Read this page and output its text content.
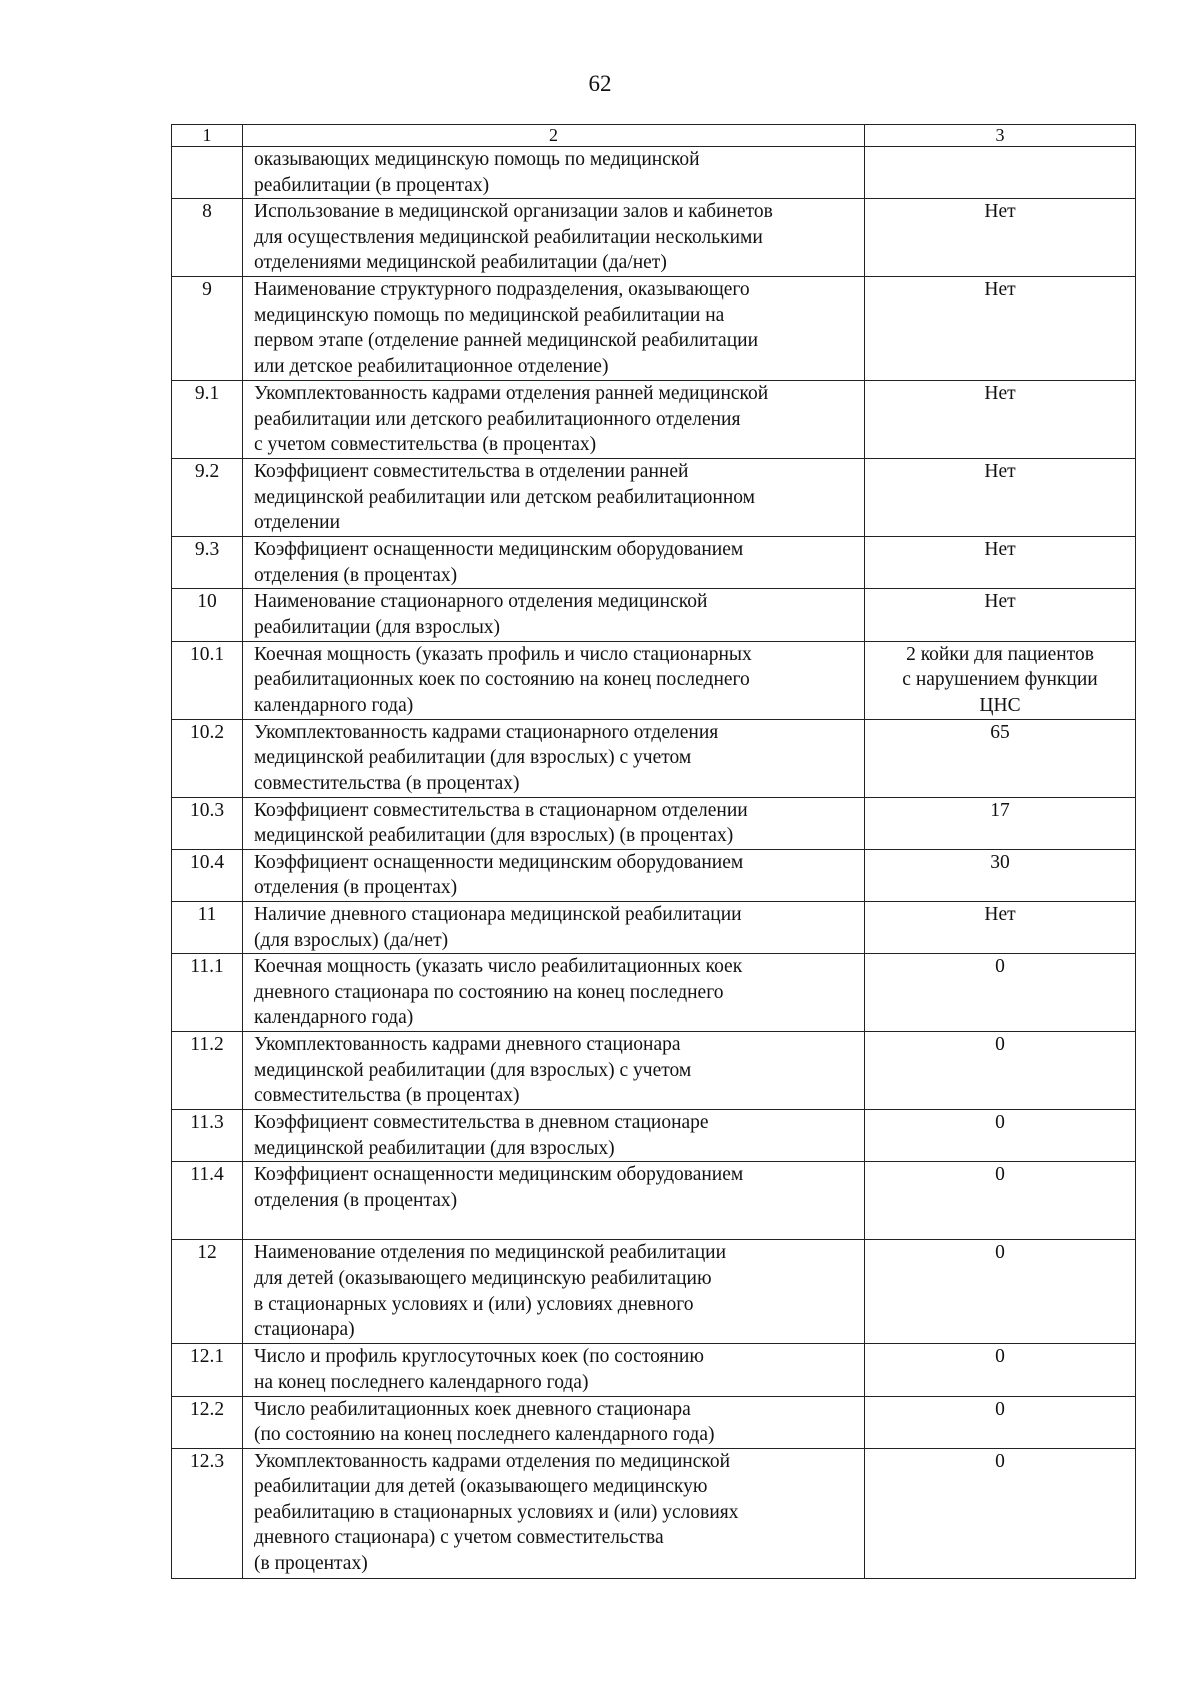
62
1	2	3
	оказывающих медицинскую помощь по медицинской
реабилитации (в процентах)	
8	Использование в медицинской организации залов и кабинетов
для осуществления медицинской реабилитации несколькими
отделениями медицинской реабилитации (да/нет)	Нет
9	Наименование структурного подразделения, оказывающего
медицинскую помощь по медицинской реабилитации на
первом этапе (отделение ранней медицинской реабилитации
или детское реабилитационное отделение)	Нет
9.1	Укомплектованность кадрами отделения ранней медицинской
реабилитации или детского реабилитационного отделения
с учетом совместительства (в процентах)	Нет
9.2	Коэффициент совместительства в отделении ранней
медицинской реабилитации или детском реабилитационном
отделении	Нет
9.3	Коэффициент оснащенности медицинским оборудованием
отделения (в процентах)	Нет
10	Наименование стационарного отделения медицинской
реабилитации (для взрослых)	Нет
10.1	Коечная мощность (указать профиль и число стационарных
реабилитационных коек по состоянию на конец последнего
календарного года)	2 койки для пациентов
с нарушением функции
ЦНС
10.2	Укомплектованность кадрами стационарного отделения
медицинской реабилитации (для взрослых) с учетом
совместительства (в процентах)	65
10.3	Коэффициент совместительства в стационарном отделении
медицинской реабилитации (для взрослых) (в процентах)	17
10.4	Коэффициент оснащенности медицинским оборудованием
отделения (в процентах)	30
11	Наличие дневного стационара медицинской реабилитации
(для взрослых) (да/нет)	Нет
11.1	Коечная мощность (указать число реабилитационных коек
дневного стационара по состоянию на конец последнего
календарного года)	0
11.2	Укомплектованность кадрами дневного стационара
медицинской реабилитации (для взрослых) с учетом
совместительства (в процентах)	0
11.3	Коэффициент совместительства в дневном стационаре
медицинской реабилитации (для взрослых)	0
11.4	Коэффициент оснащенности медицинским оборудованием
отделения (в процентах)	0
12	Наименование отделения по медицинской реабилитации
для детей (оказывающего медицинскую реабилитацию
в стационарных условиях и (или) условиях дневного
стационара)	0
12.1	Число и профиль круглосуточных коек (по состоянию
на конец последнего календарного года)	0
12.2	Число реабилитационных коек дневного стационара
(по состоянию на конец последнего календарного года)	0
12.3	Укомплектованность кадрами отделения по медицинской
реабилитации для детей (оказывающего медицинскую
реабилитацию в стационарных условиях и (или) условиях
дневного стационара) с учетом совместительства
(в процентах)	0
